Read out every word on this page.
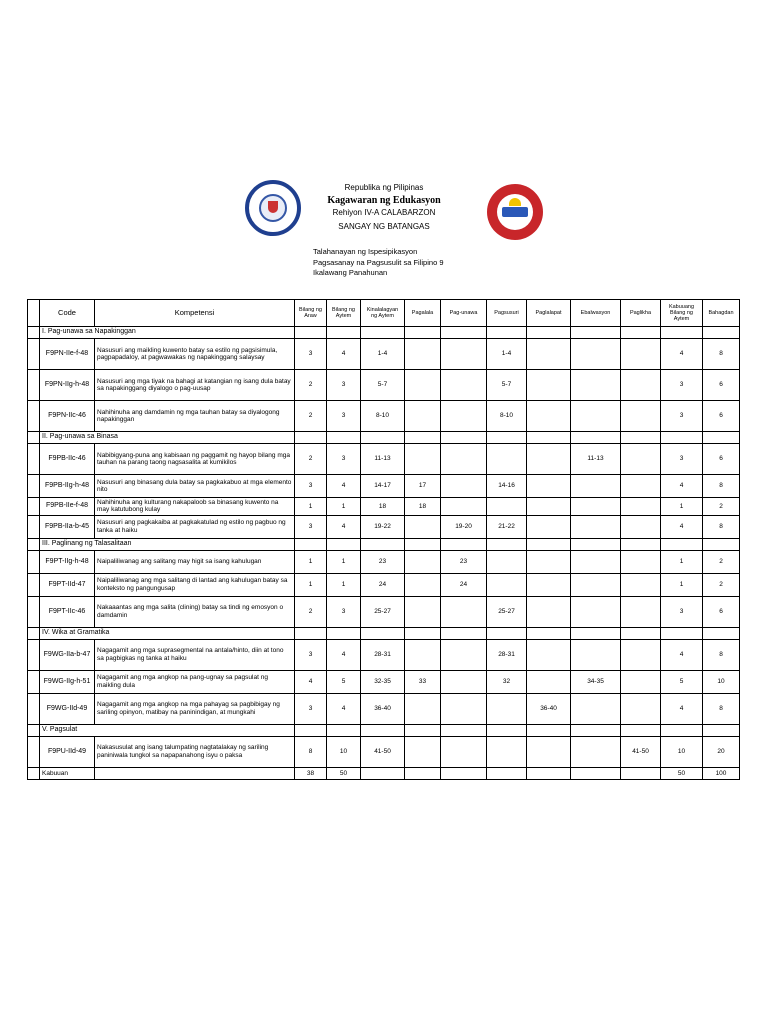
Republika ng Pilipinas
Kagawaran ng Edukasyon
Rehiyon IV-A CALABARZON
SANGAY NG BATANGAS
Talahanayan ng Ispesipikasyon
Pagsasanay na Pagsusulit sa Filipino 9
Ikalawang Panahunan
	Code	Kompetensi	Bilang ng Araw	Bilang ng Aytem	Kinalalagyan ng Aytem	Pagalala	Pag-unawa	Pagsusuri	Paglalapat	Ebalwasyon	Paglikha	Kabuuang Bilang ng Aytem	Bahagdan
	I. Pag-unawa sa Napakinggan												
	F9PN-IIe-f-48	Nasusuri ang maikling kuwento batay sa estilo ng pagsisimula, pagpapadaloy, at pagwawakas ng napakinggang salaysay	3	4	1-4			1-4				4	8
	F9PN-IIg-h-48	Nasusuri ang mga tiyak na bahagi at katangian ng isang dula batay sa napakinggang diyalogo o pag-uusap	2	3	5-7			5-7				3	6
	F9PN-IIc-46	Nahihinuha ang damdamin ng mga tauhan batay sa diyalogong napakinggan	2	3	8-10			8-10				3	6
	II. Pag-unawa sa Binasa												
	F9PB-IIc-46	Nabibigyang-puna ang kabisaan ng paggamit ng hayop bilang mga tauhan na parang taong nagsasalita at kumikilos	2	3	11-13					11-13		3	6
	F9PB-IIg-h-48	Nasusuri ang binasang dula batay sa pagkakabuo at mga elemento nito	3	4	14-17	17		14-16				4	8
	F9PB-IIe-f-48	Nahihinuha ang kulturang nakapaloob sa binasang kuwento na may katutubong kulay	1	1	18	18						1	2
	F9PB-IIa-b-45	Nasusuri ang pagkakaiba at pagkakatulad ng estilo ng pagbuo ng tanka at haiku	3	4	19-22		19-20	21-22				4	8
	III. Paglinang ng Talasalitaan												
	F9PT-IIg-h-48	Naipaliliwanag ang salitang may higit sa isang kahulugan	1	1	23		23					1	2
	F9PT-IId-47	Naipaliliwanag ang mga salitang di lantad ang kahulugan batay sa konteksto ng pangungusap	1	1	24		24					1	2
	F9PT-IIc-46	Nakaaantas ang mga salita (clining) batay sa tindi ng emosyon o damdamin	2	3	25-27			25-27				3	6
	IV. Wika at Gramatika												
	F9WG-IIa-b-47	Nagagamit ang mga suprasegmental na antala/hinto, diin at tono sa pagbigkas ng tanka at haiku	3	4	28-31			28-31				4	8
	F9WG-IIg-h-51	Nagagamit ang mga angkop na pang-ugnay sa pagsulat ng maikling dula	4	5	32-35	33		32		34-35		5	10
	F9WG-IId-49	Nagagamit ang mga angkop na mga pahayag sa pagbibigay ng sariling opinyon, matibay na paninindigan, at mungkahi	3	4	36-40				36-40			4	8
	V. Pagsulat												
	F9PU-IId-49	Nakasusulat ang isang talumpating nagtatalakay ng sariling paniniwala tungkol sa napapanahong isyu o paksa	8	10	41-50						41-50	10	20
	Kabuuan		38	50								50	100
